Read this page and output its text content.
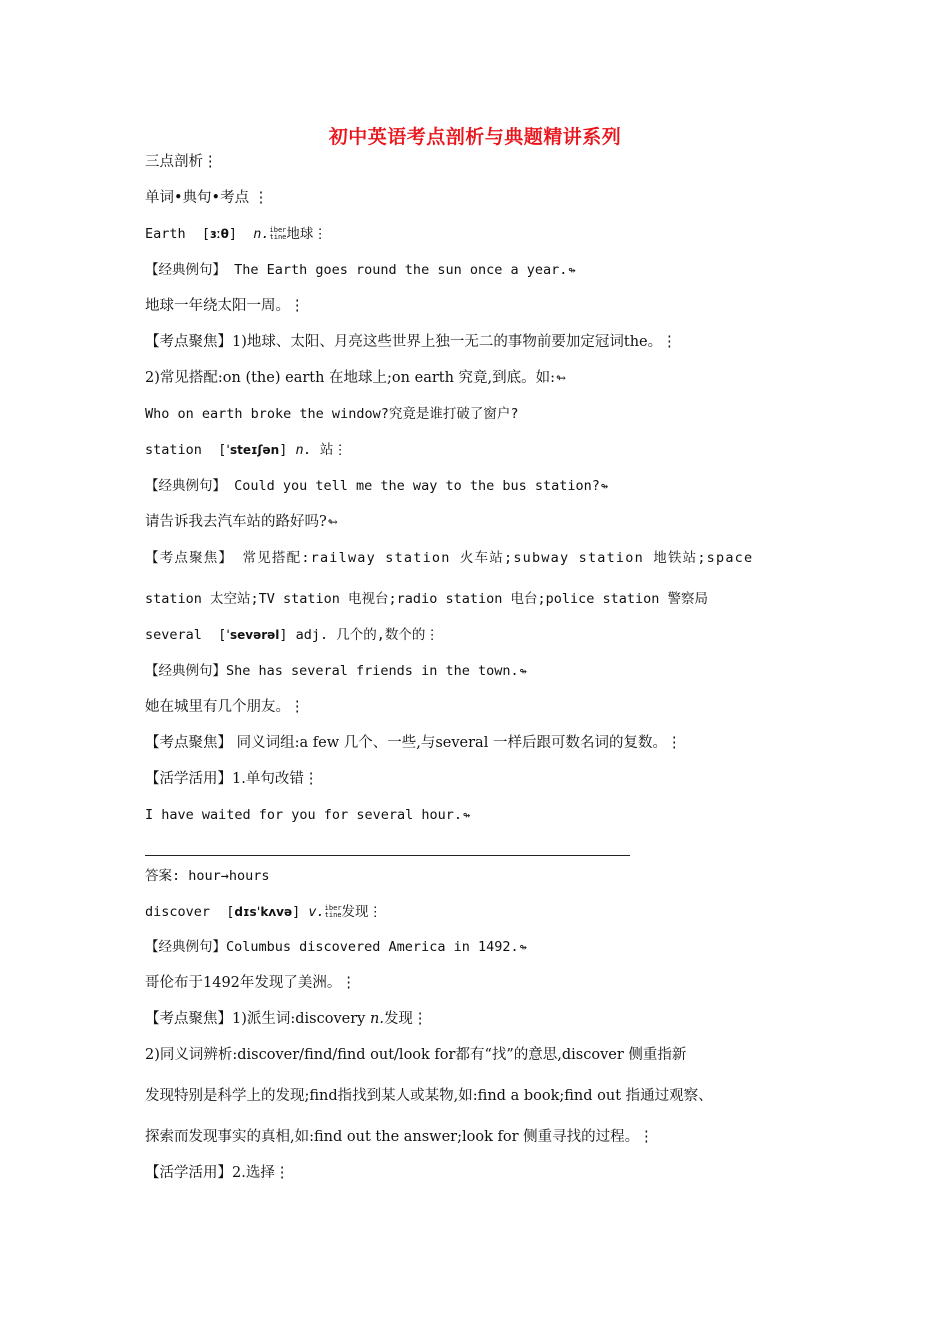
初中英语考点剖析与典题精讲系列
三点剖析⋮
单词•典句•考点 ⋮
Earth  [ɜːθ]  n.iber
tine地球⋮
【经典例句】 The Earth goes round the sun once a year.↬
地球一年绕太阳一周。⋮
【考点聚焦】1)地球、太阳、月亮这些世界上独一无二的事物前要加定冠词the。⋮
2)常见搭配:on (the) earth 在地球上;on earth 究竟,到底。如:↬
Who on earth broke the window?究竟是谁打破了窗户?
station  [ˈsteɪʃən] n. 站⋮
【经典例句】 Could you tell me the way to the bus station?↬
请告诉我去汽车站的路好吗?↬
【考点聚焦】 常见搭配:railway station 火车站;subway station 地铁站;space
station 太空站;TV station 电视台;radio station 电台;police station 警察局
several  [ˈsevərəl] adj. 几个的,数个的⋮
【经典例句】She has several friends in the town.↬
她在城里有几个朋友。⋮
【考点聚焦】 同义词组:a few 几个、一些,与several 一样后跟可数名词的复数。⋮
【活学活用】1.单句改错⋮
I have waited for you for several hour.↬
答案: hour→hours
discover  [dɪsˈkʌvə] v.iber
tine发现⋮
【经典例句】Columbus discovered America in 1492.↬
哥伦布于1492年发现了美洲。⋮
【考点聚焦】1)派生词:discovery n.发现⋮
2)同义词辨析:discover/find/find out/look for都有“找”的意思,discover 侧重指新
发现特别是科学上的发现;find指找到某人或某物,如:find a book;find out 指通过观察、
探索而发现事实的真相,如:find out the answer;look for 侧重寻找的过程。⋮
【活学活用】2.选择⋮
